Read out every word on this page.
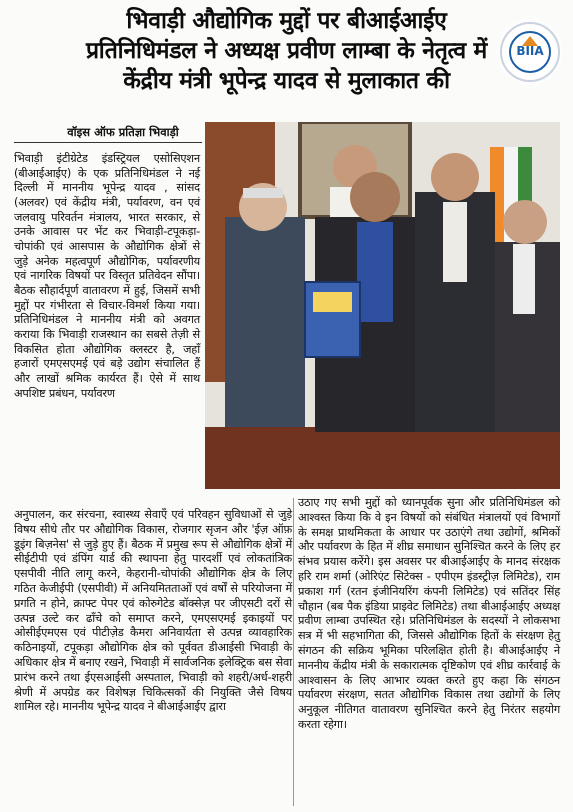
भिवाड़ी औद्योगिक मुद्दों पर बीआईआईए
प्रतिनिधिमंडल ने अध्यक्ष प्रवीण लाम्बा के नेतृत्व में
केंद्रीय मंत्री भूपेन्द्र यादव से मुलाकात की
BIIA
वॉइस ऑफ प्रतिज्ञा भिवाड़ी
भिवाड़ी इंटीग्रेटेड इंडस्ट्रियल एसोसिएशन (बीआईआईए) के एक प्रतिनिधिमंडल ने नई दिल्ली में माननीय भूपेन्द्र यादव , सांसद (अलवर) एवं केंद्रीय मंत्री, पर्यावरण, वन एवं जलवायु परिवर्तन मंत्रालय, भारत सरकार, से उनके आवास पर भेंट कर भिवाड़ी-टपूकड़ा-चोपांकी एवं आसपास के औद्योगिक क्षेत्रों से जुड़े अनेक महत्वपूर्ण औद्योगिक, पर्यावरणीय एवं नागरिक विषयों पर विस्तृत प्रतिवेदन सौंपा। बैठक सौहार्दपूर्ण वातावरण में हुई, जिसमें सभी मुद्दों पर गंभीरता से विचार-विमर्श किया गया। प्रतिनिधिमंडल ने माननीय मंत्री को अवगत कराया कि भिवाड़ी राजस्थान का सबसे तेज़ी से विकसित होता औद्योगिक क्लस्टर है, जहाँ हजारों एमएसएमई एवं बड़े उद्योग संचालित हैं और लाखों श्रमिक कार्यरत हैं। ऐसे में साथ अपशिष्ट प्रबंधन, पर्यावरण
अनुपालन, कर संरचना, स्वास्थ्य सेवाएँ एवं परिवहन सुविधाओं से जुड़े विषय सीधे तौर पर औद्योगिक विकास, रोजगार सृजन और 'ईज़ ऑफ़ डूइंग बिज़नेस' से जुड़े हुए हैं। बैठक में प्रमुख रूप से औद्योगिक क्षेत्रों में सीईटीपी एवं डंपिंग यार्ड की स्थापना हेतु पारदर्शी एवं लोकतांत्रिक एसपीवी नीति लागू करने, केहरानी-चोपांकी औद्योगिक क्षेत्र के लिए गठित केजीईपी (एसपीवी) में अनियमितताओं एवं वर्षों से परियोजना में प्रगति न होने, क्राफ्ट पेपर एवं कोरुगेटेड बॉक्सेज़ पर जीएसटी दरों से उत्पन्न उल्टे कर ढाँचे को समाप्त करने, एमएसएमई इकाइयों पर ओसीईएमएस एवं पीटीज़ेड कैमरा अनिवार्यता से उत्पन्न व्यावहारिक कठिनाइयों, टपूकड़ा औद्योगिक क्षेत्र को पूर्ववत डीआईसी भिवाड़ी के अधिकार क्षेत्र में बनाए रखने, भिवाड़ी में सार्वजनिक इलेक्ट्रिक बस सेवा प्रारंभ करने तथा ईएसआईसी अस्पताल, भिवाड़ी को शहरी/अर्ध-शहरी श्रेणी में अपग्रेड कर विशेषज्ञ चिकित्सकों की नियुक्ति जैसे विषय शामिल रहे। माननीय भूपेन्द्र यादव ने बीआईआईए द्वारा
उठाए गए सभी मुद्दों को ध्यानपूर्वक सुना और प्रतिनिधिमंडल को आश्वस्त किया कि वे इन विषयों को संबंधित मंत्रालयों एवं विभागों के समक्ष प्राथमिकता के आधार पर उठाएंगे तथा उद्योगों, श्रमिकों और पर्यावरण के हित में शीघ्र समाधान सुनिश्चित करने के लिए हर संभव प्रयास करेंगे। इस अवसर पर बीआईआईए के मानद संरक्षक हरि राम शर्मा (ओरिएंट सिटेक्स - एपीएम इंडस्ट्रीज़ लिमिटेड), राम प्रकाश गर्ग (रतन इंजीनियरिंग कंपनी लिमिटेड) एवं सतिंदर सिंह चौहान (बब पैक इंडिया प्राइवेट लिमिटेड) तथा बीआईआईए अध्यक्ष प्रवीण लाम्बा उपस्थित रहे। प्रतिनिधिमंडल के सदस्यों ने लोकसभा सत्र में भी सहभागिता की, जिससे औद्योगिक हितों के संरक्षण हेतु संगठन की सक्रिय भूमिका परिलक्षित होती है। बीआईआईए ने माननीय केंद्रीय मंत्री के सकारात्मक दृष्टिकोण एवं शीघ्र कार्रवाई के आश्वासन के लिए आभार व्यक्त करते हुए कहा कि संगठन पर्यावरण संरक्षण, सतत औद्योगिक विकास तथा उद्योगों के लिए अनुकूल नीतिगत वातावरण सुनिश्चित करने हेतु निरंतर सहयोग करता रहेगा।
